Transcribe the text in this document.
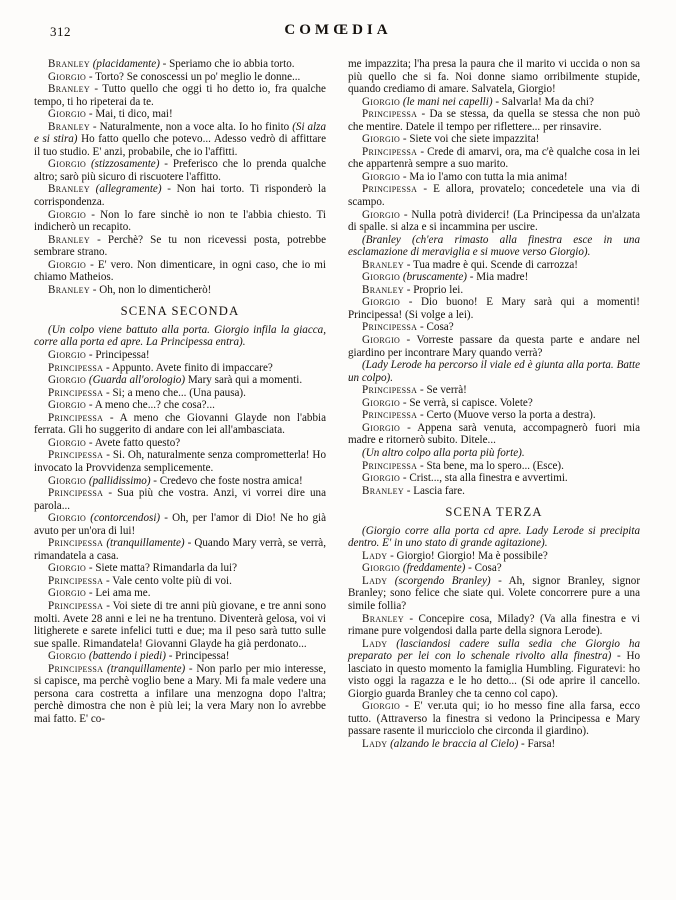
312	COMŒDIA

Branley (placidamente) - Speriamo che io abbia torto.

Giorgio - Torto? Se conoscessi un po' meglio le donne...

Branley - Tutto quello che oggi ti ho detto io, fra qualche tempo, ti ho ripeterai da te.

Giorgio - Mai, ti dico, mai!

Branley - Naturalmente, non a voce alta. Io ho finito (Si alza e si stira) Ho fatto quello che potevo... Adesso vedrò di affittare il tuo studio. E' anzi, probabile, che io l'affitti.

Giorgio (stizzosamente) - Preferisco che lo prenda qualche altro; sarò più sicuro di riscuotere l'affitto.

Branley (allegramente) - Non hai torto. Ti risponderò la corrispondenza.

Giorgio - Non lo fare sinchè io non te l'abbia chiesto. Ti indicherò un recapito.

Branley - Perchè? Se tu non ricevessi posta, potrebbe sembrare strano.

Giorgio - E' vero. Non dimenticare, in ogni caso, che io mi chiamo Matheios.

Branley - Oh, non lo dimenticherò!

SCENA SECONDA

(Un colpo viene battuto alla porta. Giorgio infila la giacca, corre alla porta ed apre. La Principessa entra).

Giorgio - Principessa!

Principessa - Appunto. Avete finito di impaccare?

Giorgio (Guarda all'orologio) Mary sarà qui a momenti.

Principessa - Si; a meno che... (Una pausa).

Giorgio - A meno che...? che cosa?...

Principessa - A meno che Giovanni Glayde non l'abbia ferrata. Gli ho suggerito di andare con lei all'ambasciata.

Giorgio - Avete fatto questo?

Principessa - Si. Oh, naturalmente senza comprometterla! Ho invocato la Provvidenza semplicemente.

Giorgio (pallidissimo) - Credevo che foste nostra amica!

Principessa - Sua più che vostra. Anzi, vi vorrei dire una parola...

Giorgio (contorcendosi) - Oh, per l'amor di Dio! Ne ho già avuto per un'ora di lui!

Principessa (tranquillamente) - Quando Mary verrà, se verrà, rimandatela a casa.

Giorgio - Siete matta? Rimandarla da lui?

Principessa - Vale cento volte più di voi.

Giorgio - Lei ama me.

Principessa - Voi siete di tre anni più giovane, e tre anni sono molti. Avete 28 anni e lei ne ha trentuno. Diventerà gelosa, voi vi litigherete e sarete infelici tutti e due; ma il peso sarà tutto sulle sue spalle. Rimandatela! Giovanni Glayde ha già perdonato...

Giorgio (battendo i piedi) - Principessa!

Principessa (tranquillamente) - Non parlo per mio interesse, si capisce, ma perchè voglio bene a Mary. Mi fa male vedere una persona cara costretta a infilare una menzogna dopo l'altra; perchè dimostra che non è più lei; la vera Mary non lo avrebbe mai fatto. E' co-

me impazzita; l'ha presa la paura che il marito vi uccida o non sa più quello che si fa. Noi donne siamo orribilmente stupide, quando crediamo di amare. Salvatela, Giorgio!

Giorgio (le mani nei capelli) - Salvarla! Ma da chi?

Principessa - Da se stessa, da quella se stessa che non può che mentire. Datele il tempo per riflettere... per rinsavire.

Giorgio - Siete voi che siete impazzita!

Principessa - Crede di amarvi, ora, ma c'è qualche cosa in lei che appartenrà sempre a suo marito.

Giorgio - Ma io l'amo con tutta la mia anima!

Principessa - E allora, provatelo; concedetele una via di scampo.

Giorgio - Nulla potrà dividerci! (La Principessa da un'alzata di spalle. si alza e si incammina per uscire.

(Branley (ch'era rimasto alla finestra esce in una esclamazione di meraviglia e si muove verso Giorgio).

Branley - Tua madre è qui. Scende di carrozza!

Giorgio (bruscamente) - Mia madre!

Branley - Proprio lei.

Giorgio - Dio buono! E Mary sarà qui a momenti! Principessa! (Si volge a lei).

Principessa - Cosa?

Giorgio - Vorreste passare da questa parte e andare nel giardino per incontrare Mary quando verrà?

(Lady Lerode ha percorso il viale ed è giunta alla porta. Batte un colpo).

Principessa - Se verrà!

Giorgio - Se verrà, si capisce. Volete?

Principessa - Certo (Muove verso la porta a destra).

Giorgio - Appena sarà venuta, accompagnerò fuori mia madre e ritornerò subito. Ditele...

(Un altro colpo alla porta più forte).

Principessa - Sta bene, ma lo spero... (Esce).

Giorgio - Crist..., sta alla finestra e avvertimi.

Branley - Lascia fare.

SCENA TERZA

(Giorgio corre alla porta cd apre. Lady Lerode si precipita dentro. E' in uno stato di grande agitazione).

Lady - Giorgio! Giorgio! Ma è possibile?

Giorgio (freddamente) - Cosa?

Lady (scorgendo Branley) - Ah, signor Branley, signor Branley; sono felice che siate qui. Volete concorrere pure a una simile follia?

Branley - Concepire cosa, Milady? (Va alla finestra e vi rimane pure volgendosi dalla parte della signora Lerode).

Lady (lasciandosi cadere sulla sedia che Giorgio ha preparato per lei con lo schenale rivolto alla finestra) - Ho lasciato in questo momento la famiglia Humbling. Figuratevi: ho visto oggi la ragazza e le ho detto... (Si ode aprire il cancello. Giorgio guarda Branley che ta cenno col capo).

Giorgio - E' ver.uta qui; io ho messo fine alla farsa, ecco tutto. (Attraverso la finestra si vedono la Principessa e Mary passare rasente il muricciolo che circonda il giardino).

Lady (alzando le braccia al Cielo) - Farsa!
